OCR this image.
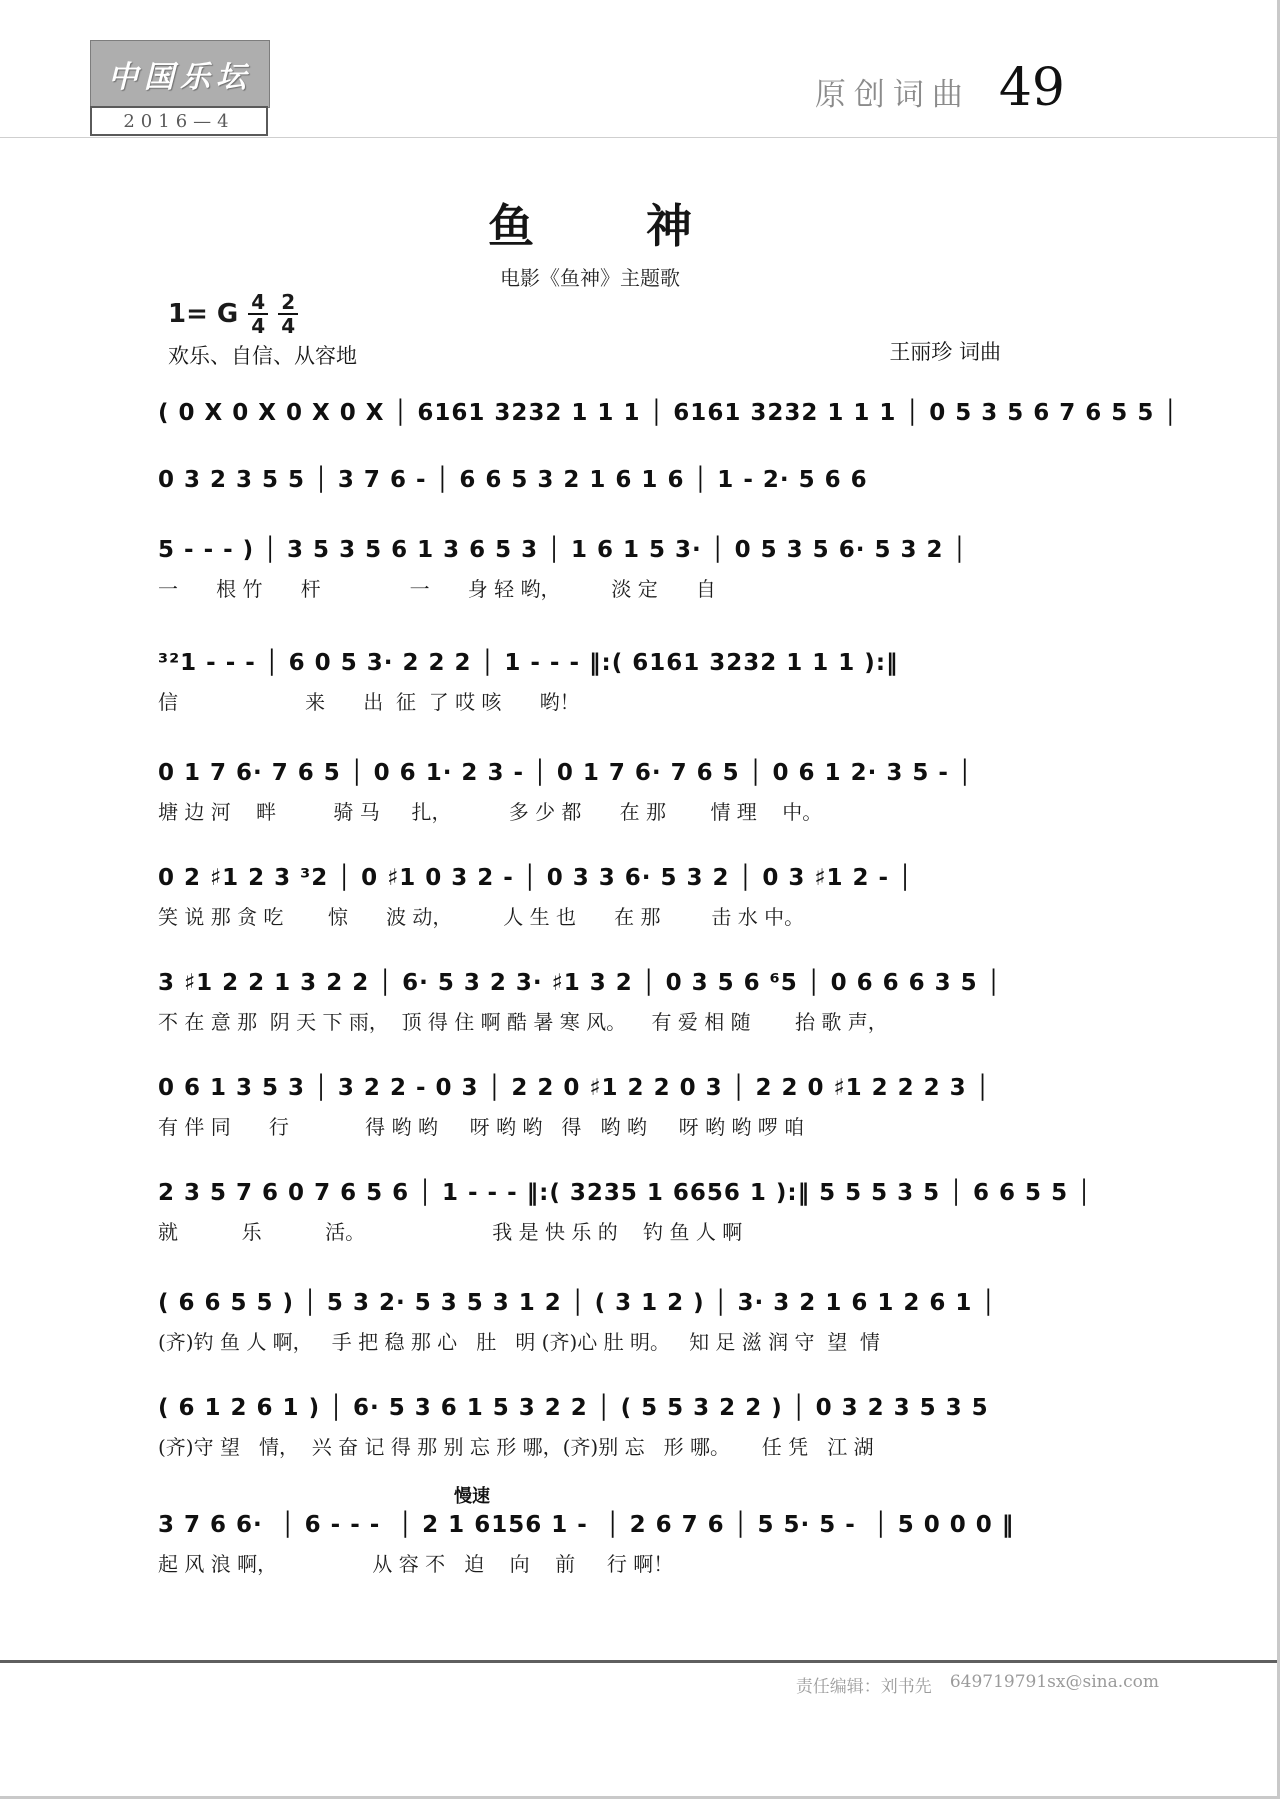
中国乐坛
2016—4
原创词曲 49
鱼  神
电影《鱼神》主题歌
1= G $\frac{4}{4} \frac{2}{4}$
欢乐、自信、从容地	王丽珍 词曲
( 0 X 0 X 0 X 0 X │ 6161 3232 1 1 1 │ 6161 3232 1 1 1 │ 0 5 3 5 6 7 6 5 5 │
0 3 2 3 5 5 │ 3 7 6 - │ 6 6 5 3 2 1 6 1 6 │ 1 - 2· 5 6 6
5 - - - ) │ 3 5 3 5 6 1 3 6 5 3 │ 1 6 1 5 3· │ 0 5 3 5 6· 5 3 2 │
一      根 竹      杆              一      身 轻 哟，        淡 定      自
³²1 - - - │ 6 0 5 3· 2 2 2 │ 1 - - - ‖:( 6161 3232 1 1 1 ):‖
信                    来      出  征  了 哎 咳      哟！
0 1 7 6· 7 6 5 │ 0 6 1· 2 3 - │ 0 1 7 6· 7 6 5 │ 0 6 1 2· 3 5 - │
塘 边 河    畔         骑 马     扎，         多 少 都      在 那       情 理    中。
0 2 ♯1 2 3 ³2 │ 0 ♯1 0 3 2 - │ 0 3 3 6· 5 3 2 │ 0 3 ♯1 2 - │
笑 说 那 贪 吃       惊      波 动，        人 生 也      在 那        击 水 中。
3 ♯1 2 2 1 3 2 2 │ 6· 5 3 2 3· ♯1 3 2 │ 0 3 5 6 ⁶5 │ 0 6 6 6 3 5 │
不 在 意 那  阴 天 下 雨，  顶 得 住 啊 酷 暑 寒 风。    有 爱 相 随       抬 歌 声，
0 6 1 3 5 3 │ 3 2 2 - 0 3 │ 2 2 0 ♯1 2 2 0 3 │ 2 2 0 ♯1 2 2 2 3 │
有 伴 同      行            得 哟 哟     呀 哟 哟   得   哟 哟     呀 哟 哟 啰 咱
2 3 5 7 6 0 7 6 5 6 │ 1 - - - ‖:( 3235 1 6656 1 ):‖ 5 5 5 3 5 │ 6 6 5 5 │
就          乐          活。                    我 是 快 乐 的    钓 鱼 人 啊
( 6 6 5 5 ) │ 5 3 2· 5 3 5 3 1 2 │ ( 3 1 2 ) │ 3· 3 2 1 6 1 2 6 1 │
(齐)钓 鱼 人 啊，   手 把 稳 那 心   肚   明 (齐)心 肚 明。   知 足 滋 润 守  望  情
( 6 1 2 6 1 ) │ 6· 5 3 6 1 5 3 2 2 │ ( 5 5 3 2 2 ) │ 0 3 2 3 5 3 5
(齐)守 望   情，  兴 奋 记 得 那 别 忘 形 哪，(齐)别 忘   形 哪。     任 凭   江 湖
慢速
3 7 6 6·  │ 6 - - -  │ 2 1 6156 1 -  │ 2 6 7 6 │ 5 5· 5 -  │ 5 0 0 0 ‖
起 风 浪 啊，               从 容 不   迫    向    前     行 啊！
责任编辑：刘书先 649719791sx@sina.com
